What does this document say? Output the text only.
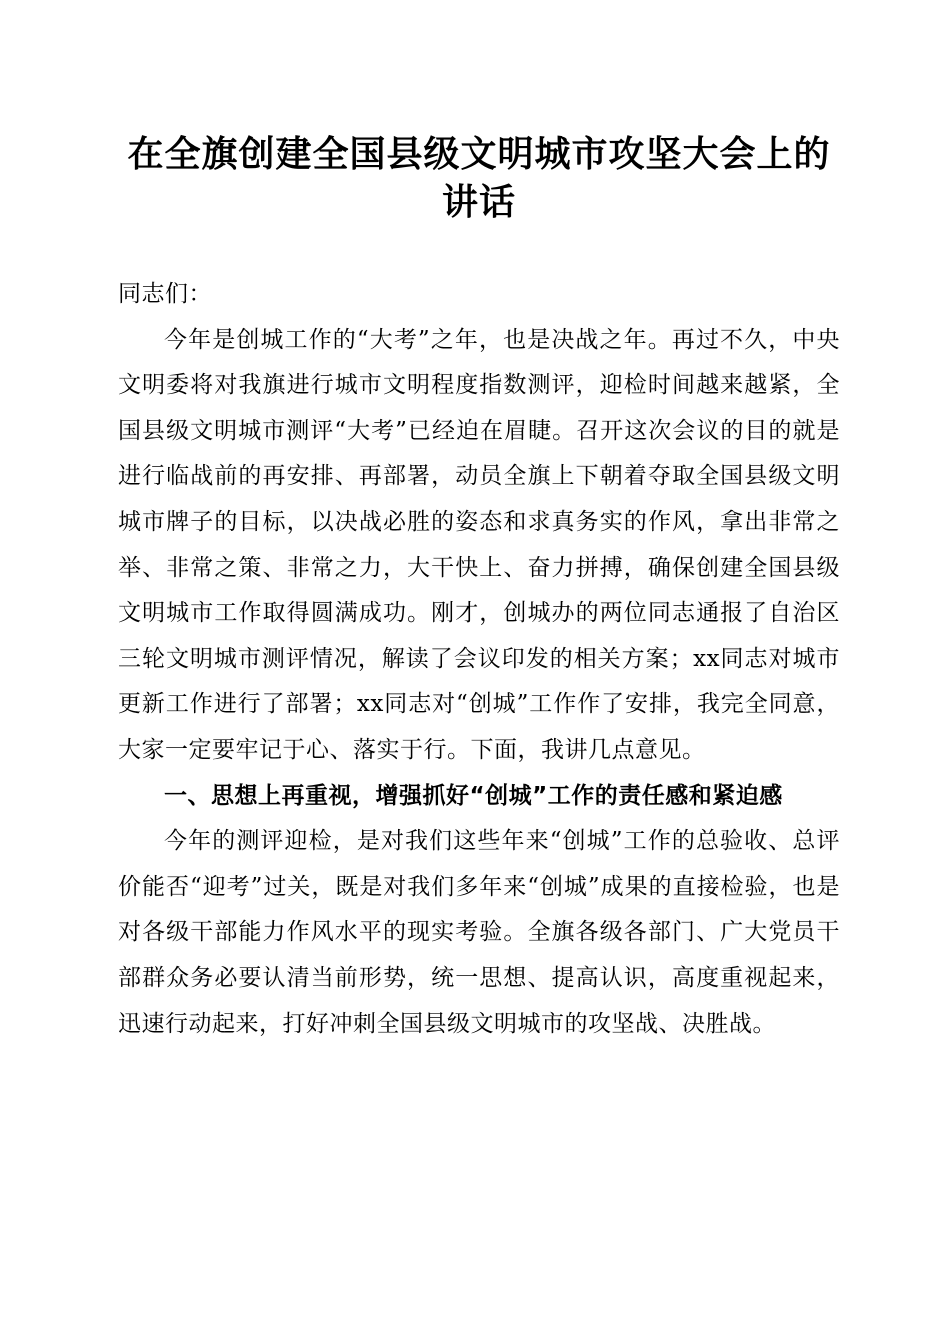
在全旗创建全国县级文明城市攻坚大会上的讲话

同志们：

今年是创城工作的“大考”之年，也是决战之年。再过不久，中央文明委将对我旗进行城市文明程度指数测评，迎检时间越来越紧，全国县级文明城市测评“大考”已经迫在眉睫。召开这次会议的目的就是进行临战前的再安排、再部署，动员全旗上下朝着夺取全国县级文明城市牌子的目标，以决战必胜的姿态和求真务实的作风，拿出非常之举、非常之策、非常之力，大干快上、奋力拼搏，确保创建全国县级文明城市工作取得圆满成功。刚才，创城办的两位同志通报了自治区三轮文明城市测评情况，解读了会议印发的相关方案；xx同志对城市更新工作进行了部署；xx同志对“创城”工作作了安排，我完全同意，大家一定要牢记于心、落实于行。下面，我讲几点意见。

一、思想上再重视，增强抓好“创城”工作的责任感和紧迫感

今年的测评迎检，是对我们这些年来“创城”工作的总验收、总评价能否“迎考”过关，既是对我们多年来“创城”成果的直接检验，也是对各级干部能力作风水平的现实考验。全旗各级各部门、广大党员干部群众务必要认清当前形势，统一思想、提高认识，高度重视起来，迅速行动起来，打好冲刺全国县级文明城市的攻坚战、决胜战。
